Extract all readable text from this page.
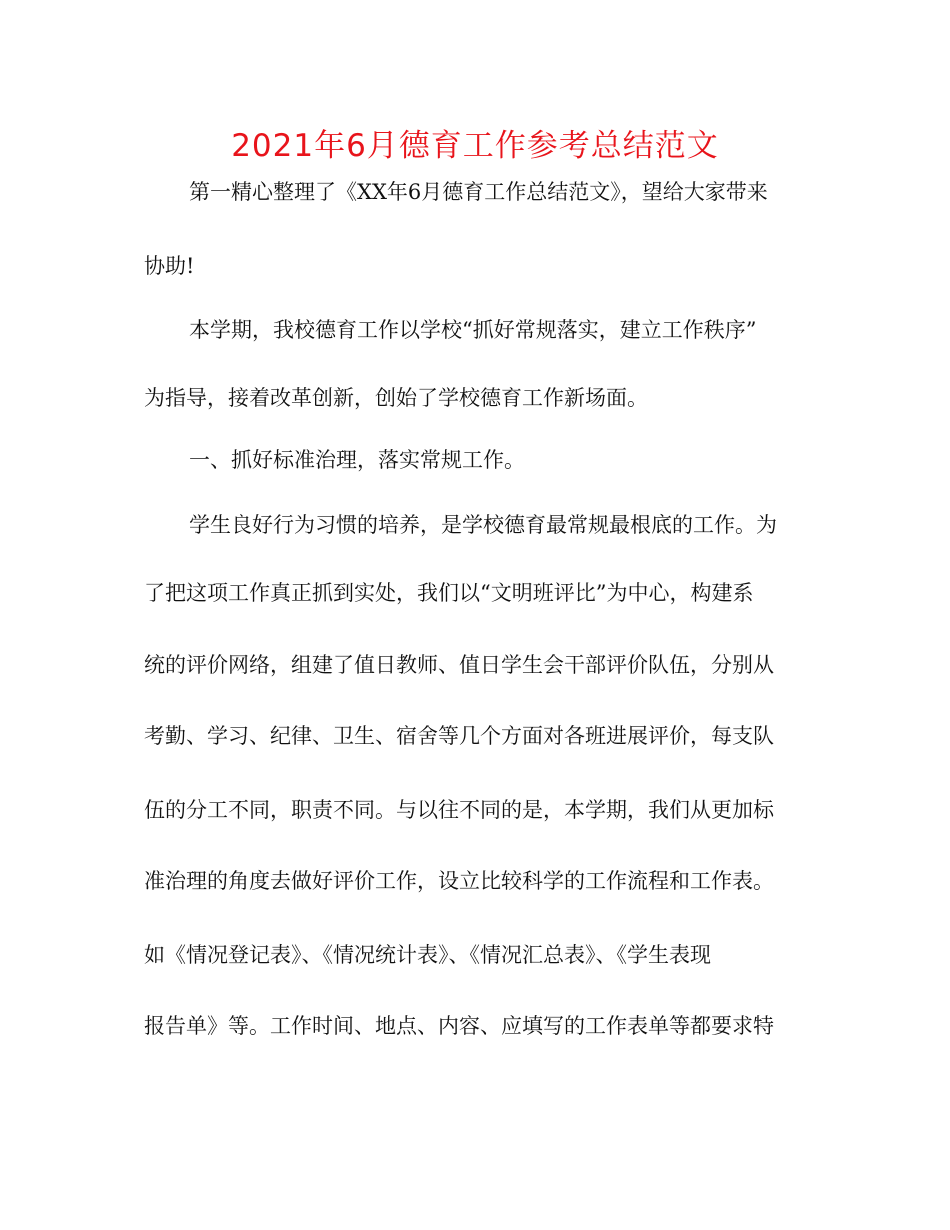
2021年6月德育工作参考总结范文

第一精心整理了《XX年6月德育工作总结范文》，望给大家带来

协助!

本学期，我校德育工作以学校“抓好常规落实，建立工作秩序”

为指导，接着改革创新，创始了学校德育工作新场面。

一、抓好标准治理，落实常规工作。

学生良好行为习惯的培养，是学校德育最常规最根底的工作。为

了把这项工作真正抓到实处，我们以“文明班评比”为中心，构建系

统的评价网络，组建了值日教师、值日学生会干部评价队伍，分别从

考勤、学习、纪律、卫生、宿舍等几个方面对各班进展评价，每支队

伍的分工不同，职责不同。与以往不同的是，本学期，我们从更加标

准治理的角度去做好评价工作，设立比较科学的工作流程和工作表。

如《情况登记表》、《情况统计表》、《情况汇总表》、《学生表现

报告单》等。工作时间、地点、内容、应填写的工作表单等都要求特
